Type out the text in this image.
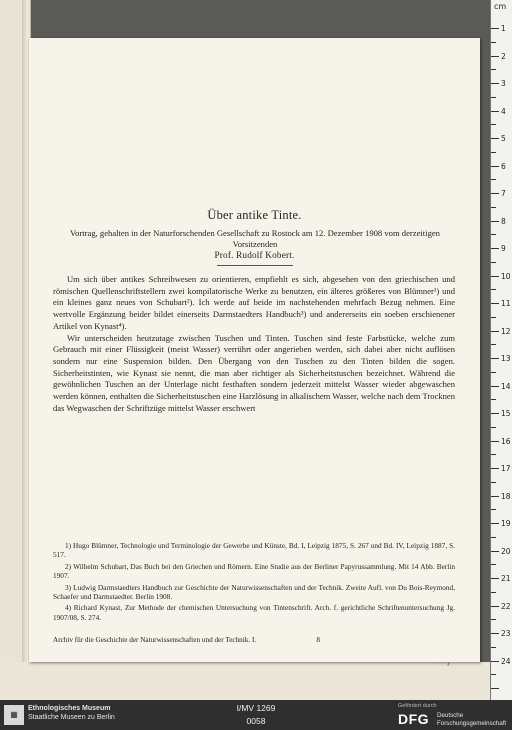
Über antike Tinte.
Vortrag, gehalten in der Naturforschenden Gesellschaft zu Rostock am 12. Dezember 1908 vom derzeitigen Vorsitzenden
Prof. Rudolf Kobert.

Um sich über antikes Schreibwesen zu orientieren, empfiehlt es sich, abgesehen von den griechischen und römischen Quellenschriftstellern zwei kompilatorische Werke zu benutzen, ein älteres größeres von Blümner¹) und ein kleines ganz neues von Schubart²). Ich werde auf beide im nachstehenden mehrfach Bezug nehmen. Eine wertvolle Ergänzung beider bildet einerseits Darmstaedters Handbuch³) und andererseits ein soeben erschienener Artikel von Kynast⁴).

Wir unterscheiden heutzutage zwischen Tuschen und Tinten. Tuschen sind feste Farbstücke, welche zum Gebrauch mit einer Flüssigkeit (meist Wasser) verrührt oder angerieben werden, sich dabei aber nicht auflösen sondern nur eine Suspension bilden. Den Übergang von den Tuschen zu den Tinten bilden die sogen. Sicherheitstinten, wie Kynast sie nennt, die man aber richtiger als Sicherheitstuschen bezeichnet. Während die gewöhnlichen Tuschen an der Unterlage nicht festhaften sondern jederzeit mittelst Wasser wieder abgewaschen werden können, enthalten die Sicherheitstuschen eine Harzlösung in alkalischem Wasser, welche nach dem Trocknen das Wegwaschen der Schriftzüge mittelst Wasser erschwert

1) Hugo Blümner, Technologie und Terminologie der Gewerbe und Künste, Bd. I, Leipzig 1875, S. 267 und Bd. IV, Leipzig 1887, S. 517.

2) Wilhelm Schubart, Das Buch bei den Griechen und Römern. Eine Studie aus der Berliner Papyrussammlung. Mit 14 Abb. Berlin 1907.

3) Ludwig Darmstaedters Handbuch zur Geschichte der Naturwissenschaften und der Technik. Zweite Aufl. von Du Bois-Reymond, Schaefer und Darmstaedter. Berlin 1908.

4) Richard Kynast, Zur Methode der chemischen Untersuchung von Tintenschrift. Arch. f. gerichtliche Schriftenuntersuchung Jg. 1907/08, S. 274.

Archiv für die Geschichte der Naturwissenschaften und der Technik. I.	8
cm
1
2
3
4
5
6
7
8
9
10
11
12
13
14
15
16
17
18
19
20
21
22
23
24
▦
Ethnologisches Museum
Staatliche Museen zu Berlin
I/MV 1269
0058
Gefördert durch
DFG Deutsche
Forschungsgemeinschaft
